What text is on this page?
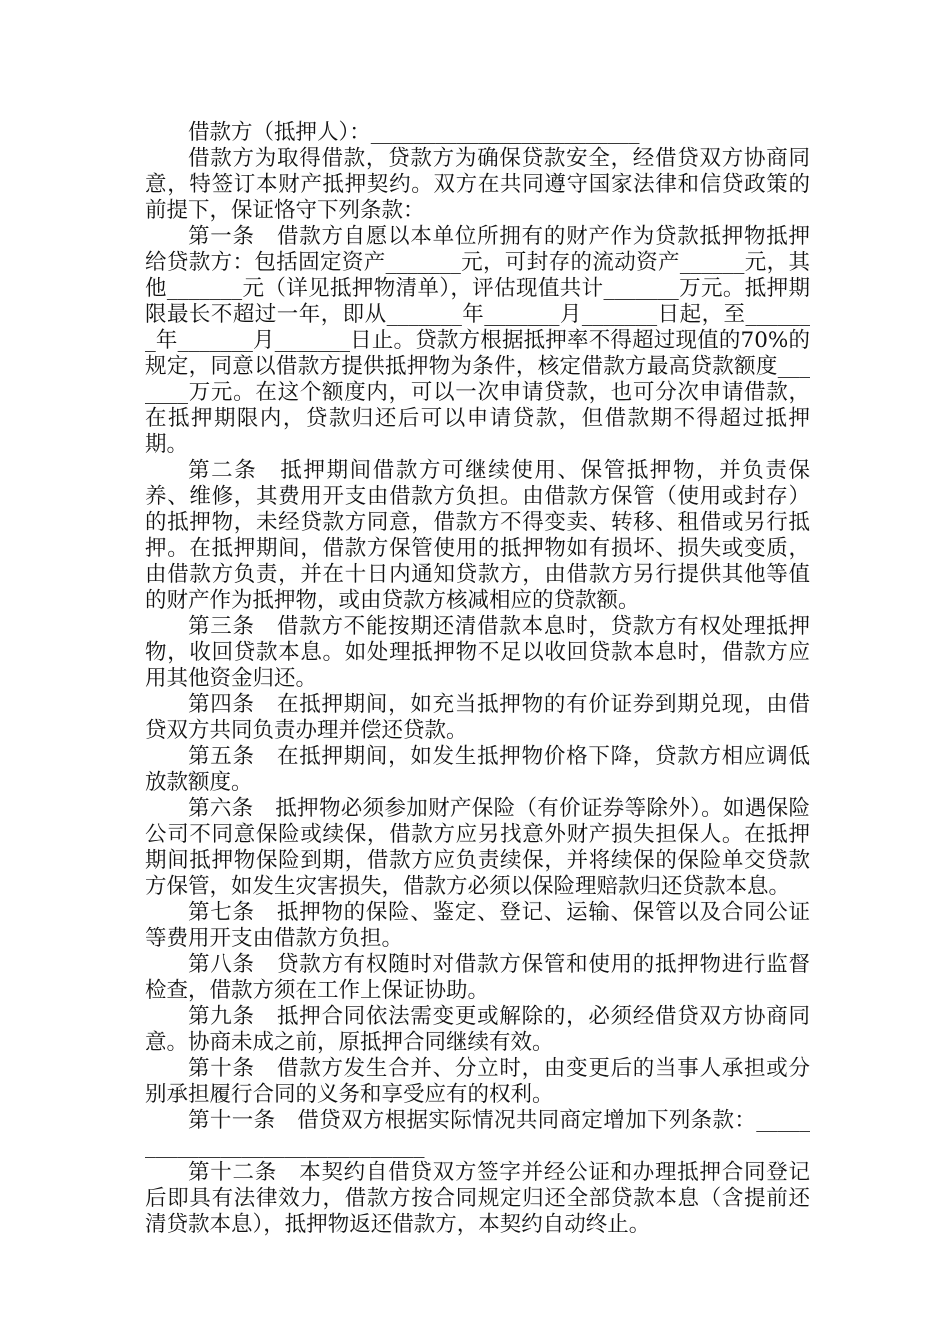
借款方（抵押人）：_________________________

借款方为取得借款，贷款方为确保贷款安全，经借贷双方协商同意，特签订本财产抵押契约。双方在共同遵守国家法律和信贷政策的前提下，保证恪守下列条款：

第一条　借款方自愿以本单位所拥有的财产作为贷款抵押物抵押给贷款方：包括固定资产_______元，可封存的流动资产______元，其他_______元（详见抵押物清单），评估现值共计_______万元。抵押期限最长不超过一年，即从_______年_______月_______日起，至_______年_______月_______日止。贷款方根据抵押率不得超过现值的70%的规定，同意以借款方提供抵押物为条件，核定借款方最高贷款额度_______万元。在这个额度内，可以一次申请贷款，也可分次申请借款，在抵押期限内，贷款归还后可以申请贷款，但借款期不得超过抵押期。

第二条　抵押期间借款方可继续使用、保管抵押物，并负责保养、维修，其费用开支由借款方负担。由借款方保管（使用或封存）的抵押物，未经贷款方同意，借款方不得变卖、转移、租借或另行抵押。在抵押期间，借款方保管使用的抵押物如有损坏、损失或变质，由借款方负责，并在十日内通知贷款方，由借款方另行提供其他等值的财产作为抵押物，或由贷款方核减相应的贷款额。

第三条　借款方不能按期还清借款本息时，贷款方有权处理抵押物，收回贷款本息。如处理抵押物不足以收回贷款本息时，借款方应用其他资金归还。

第四条　在抵押期间，如充当抵押物的有价证券到期兑现，由借贷双方共同负责办理并偿还贷款。

第五条　在抵押期间，如发生抵押物价格下降，贷款方相应调低放款额度。

第六条　抵押物必须参加财产保险（有价证券等除外）。如遇保险公司不同意保险或续保，借款方应另找意外财产损失担保人。在抵押期间抵押物保险到期，借款方应负责续保，并将续保的保险单交贷款方保管，如发生灾害损失，借款方必须以保险理赔款归还贷款本息。

第七条　抵押物的保险、鉴定、登记、运输、保管以及合同公证等费用开支由借款方负担。

第八条　贷款方有权随时对借款方保管和使用的抵押物进行监督检查，借款方须在工作上保证协助。

第九条　抵押合同依法需变更或解除的，必须经借贷双方协商同意。协商未成之前，原抵押合同继续有效。

第十条　借款方发生合并、分立时，由变更后的当事人承担或分别承担履行合同的义务和享受应有的权利。

第十一条　借贷双方根据实际情况共同商定增加下列条款：_______________________________

第十二条　本契约自借贷双方签字并经公证和办理抵押合同登记后即具有法律效力，借款方按合同规定归还全部贷款本息（含提前还清贷款本息），抵押物返还借款方，本契约自动终止。
